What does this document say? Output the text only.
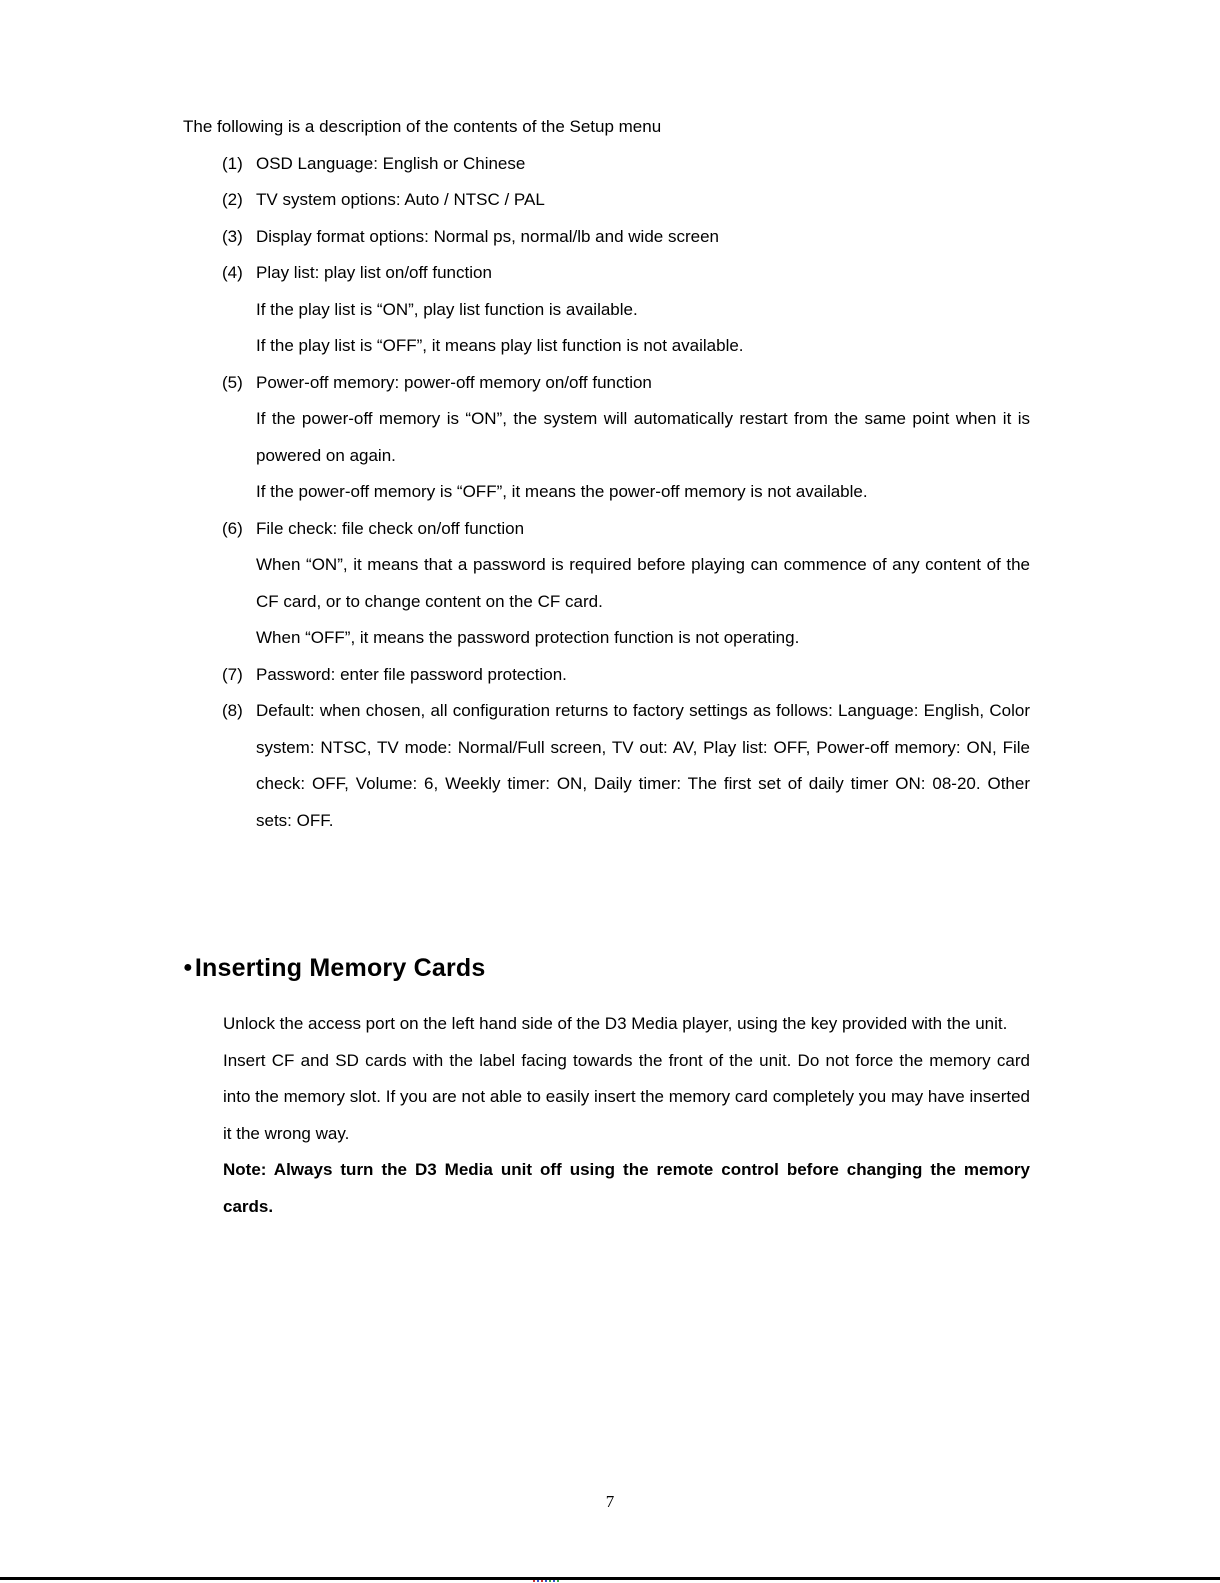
The following is a description of the contents of the Setup menu

(1) OSD Language: English or Chinese

(2) TV system options: Auto / NTSC / PAL

(3) Display format options: Normal ps, normal/lb and wide screen

(4) Play list: play list on/off function

If the play list is “ON”, play list function is available.

If the play list is “OFF”, it means play list function is not available.

(5) Power-off memory: power-off memory on/off function

If the power-off memory is “ON”, the system will automatically restart from the same point when it is powered on again.

If the power-off memory is “OFF”, it means the power-off memory is not available.

(6) File check: file check on/off function

When “ON”, it means that a password is required before playing can commence of any content of the CF card, or to change content on the CF card.

When “OFF”, it means the password protection function is not operating.

(7) Password: enter file password protection.

(8) Default: when chosen, all configuration returns to factory settings as follows: Language: English, Color system: NTSC, TV mode: Normal/Full screen, TV out: AV, Play list: OFF, Power-off memory: ON, File check: OFF, Volume: 6, Weekly timer: ON, Daily timer: The first set of daily timer ON: 08-20. Other sets: OFF.

● Inserting Memory Cards

Unlock the access port on the left hand side of the D3 Media player, using the key provided with the unit.

Insert CF and SD cards with the label facing towards the front of the unit. Do not force the memory card into the memory slot. If you are not able to easily insert the memory card completely you may have inserted it the wrong way.

Note: Always turn the D3 Media unit off using the remote control before changing the memory cards.

7
